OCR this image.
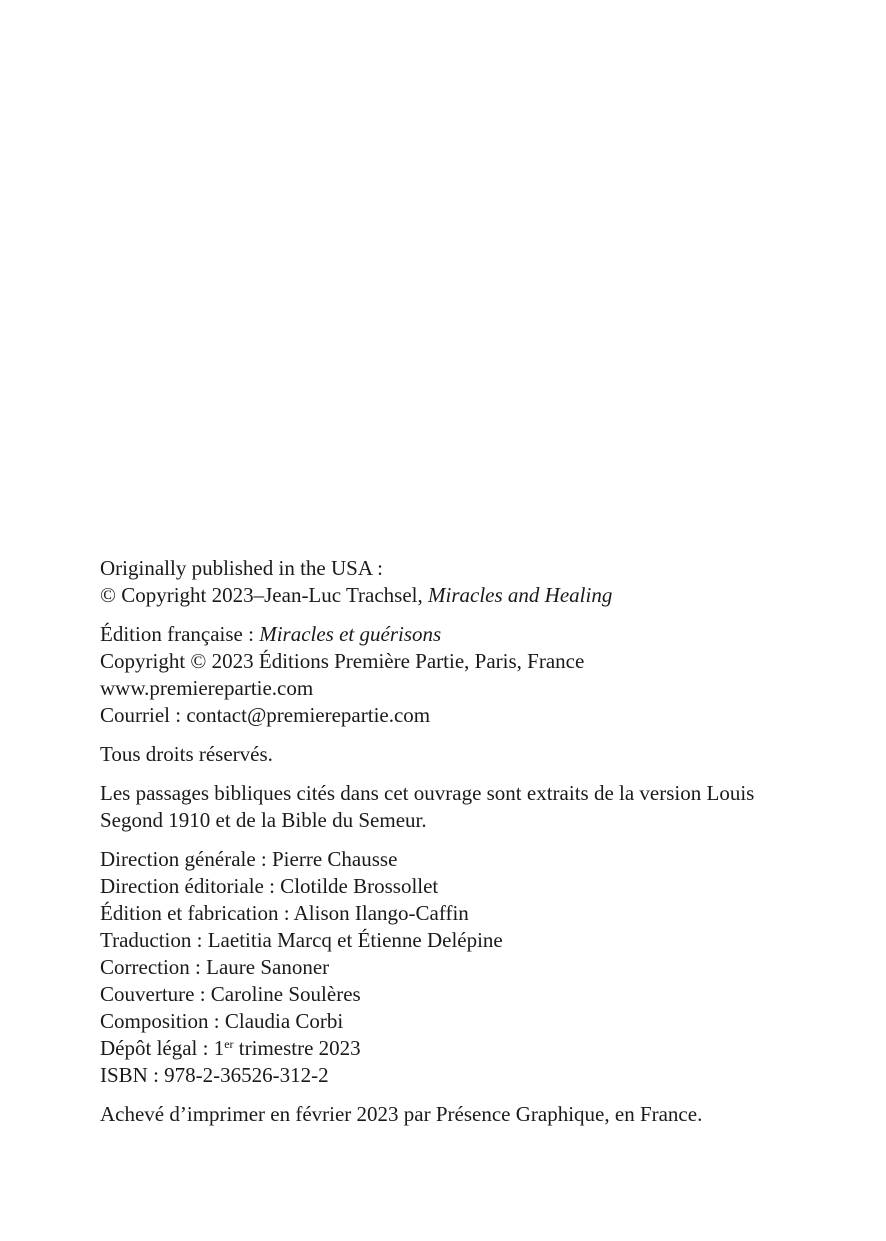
Originally published in the USA :
© Copyright 2023–Jean-Luc Trachsel, Miracles and Healing
Édition française : Miracles et guérisons
Copyright © 2023 Éditions Première Partie, Paris, France
www.premierepartie.com
Courriel : contact@premierepartie.com
Tous droits réservés.
Les passages bibliques cités dans cet ouvrage sont extraits de la version Louis Segond 1910 et de la Bible du Semeur.
Direction générale : Pierre Chausse
Direction éditoriale : Clotilde Brossollet
Édition et fabrication : Alison Ilango-Caffin
Traduction : Laetitia Marcq et Étienne Delépine
Correction : Laure Sanoner
Couverture : Caroline Soulères
Composition : Claudia Corbi
Dépôt légal : 1er trimestre 2023
ISBN : 978-2-36526-312-2
Achevé d’imprimer en février 2023 par Présence Graphique, en France.
